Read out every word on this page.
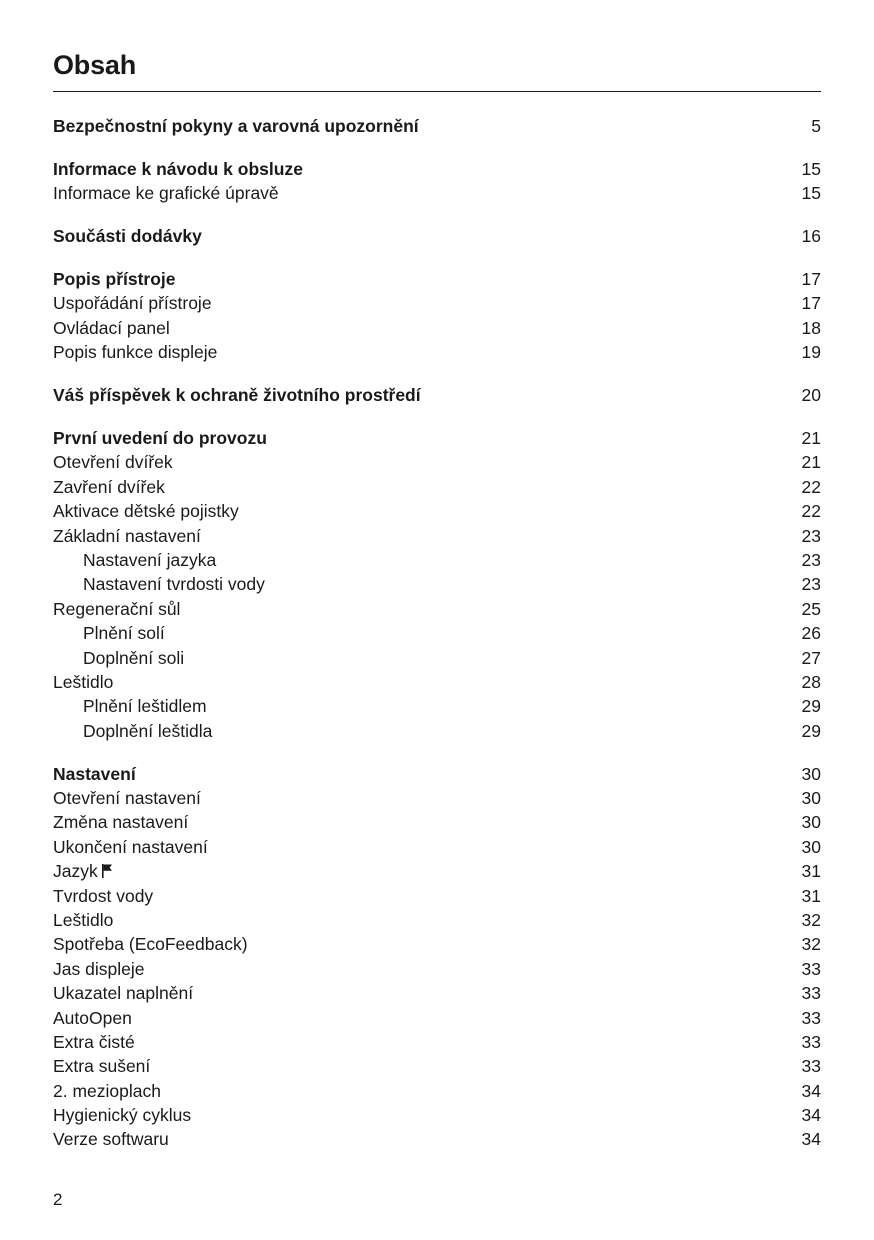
Obsah
Bezpečnostní pokyny a varovná upozornění	5
Informace k návodu k obsluze	15
Informace ke grafické úpravě	15
Součásti dodávky	16
Popis přístroje	17
Uspořádání přístroje	17
Ovládací panel	18
Popis funkce displeje	19
Váš příspěvek k ochraně životního prostředí	20
První uvedení do provozu	21
Otevření dvířek	21
Zavření dvířek	22
Aktivace dětské pojistky	22
Základní nastavení	23
Nastavení jazyka	23
Nastavení tvrdosti vody	23
Regenerační sůl	25
Plnění solí	26
Doplnění soli	27
Leštidlo	28
Plnění leštidlem	29
Doplnění leštidla	29
Nastavení	30
Otevření nastavení	30
Změna nastavení	30
Ukončení nastavení	30
Jazyk	31
Tvrdost vody	31
Leštidlo	32
Spotřeba (EcoFeedback)	32
Jas displeje	33
Ukazatel naplnění	33
AutoOpen	33
Extra čisté	33
Extra sušení	33
2. mezioplach	34
Hygienický cyklus	34
Verze softwaru	34
2
